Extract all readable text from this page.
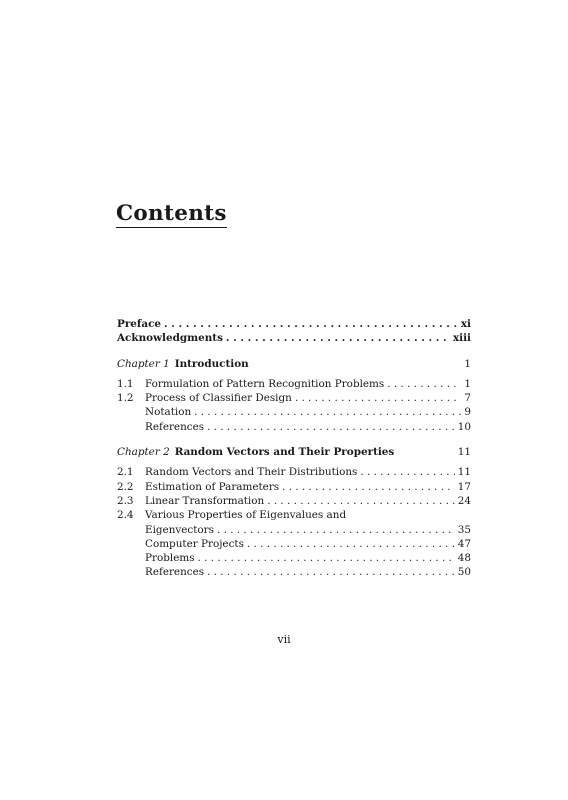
Contents
Preface . . .	xi
Acknowledgments . . .	xiii
Chapter 1 Introduction	1
1.1	Formulation of Pattern Recognition Problems . . .	1
1.2	Process of Classifier Design . . .	7
Notation . . .	9
References . . .	10
Chapter 2 Random Vectors and Their Properties	11
2.1	Random Vectors and Their Distributions . . .	11
2.2	Estimation of Parameters . . .	17
2.3	Linear Transformation . . .	24
2.4	Various Properties of Eigenvalues and
Eigenvectors . . .	35
Computer Projects . . .	47
Problems . . .	48
References . . .	50
vii
